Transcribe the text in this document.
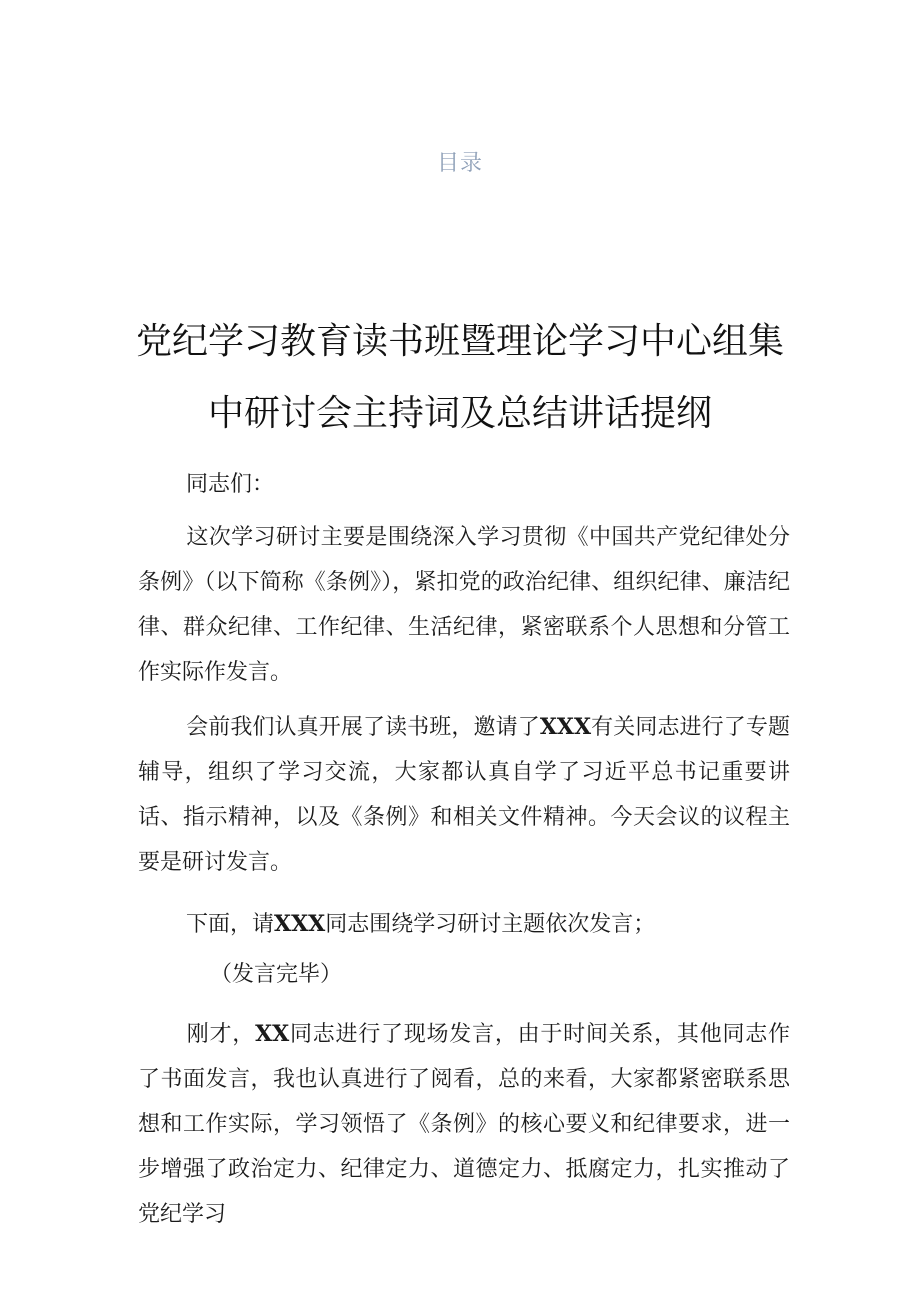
目录
党纪学习教育读书班暨理论学习中心组集
中研讨会主持词及总结讲话提纲

同志们：

这次学习研讨主要是围绕深入学习贯彻《中国共产党纪律处分条例》（以下简称《条例》），紧扣党的政治纪律、组织纪律、廉洁纪律、群众纪律、工作纪律、生活纪律，紧密联系个人思想和分管工作实际作发言。

会前我们认真开展了读书班，邀请了XXX有关同志进行了专题辅导，组织了学习交流，大家都认真自学了习近平总书记重要讲话、指示精神，以及《条例》和相关文件精神。今天会议的议程主要是研讨发言。

下面，请XXX同志围绕学习研讨主题依次发言；

（发言完毕）

刚才，XX同志进行了现场发言，由于时间关系，其他同志作了书面发言，我也认真进行了阅看，总的来看，大家都紧密联系思想和工作实际，学习领悟了《条例》的核心要义和纪律要求，进一步增强了政治定力、纪律定力、道德定力、抵腐定力，扎实推动了党纪学习
